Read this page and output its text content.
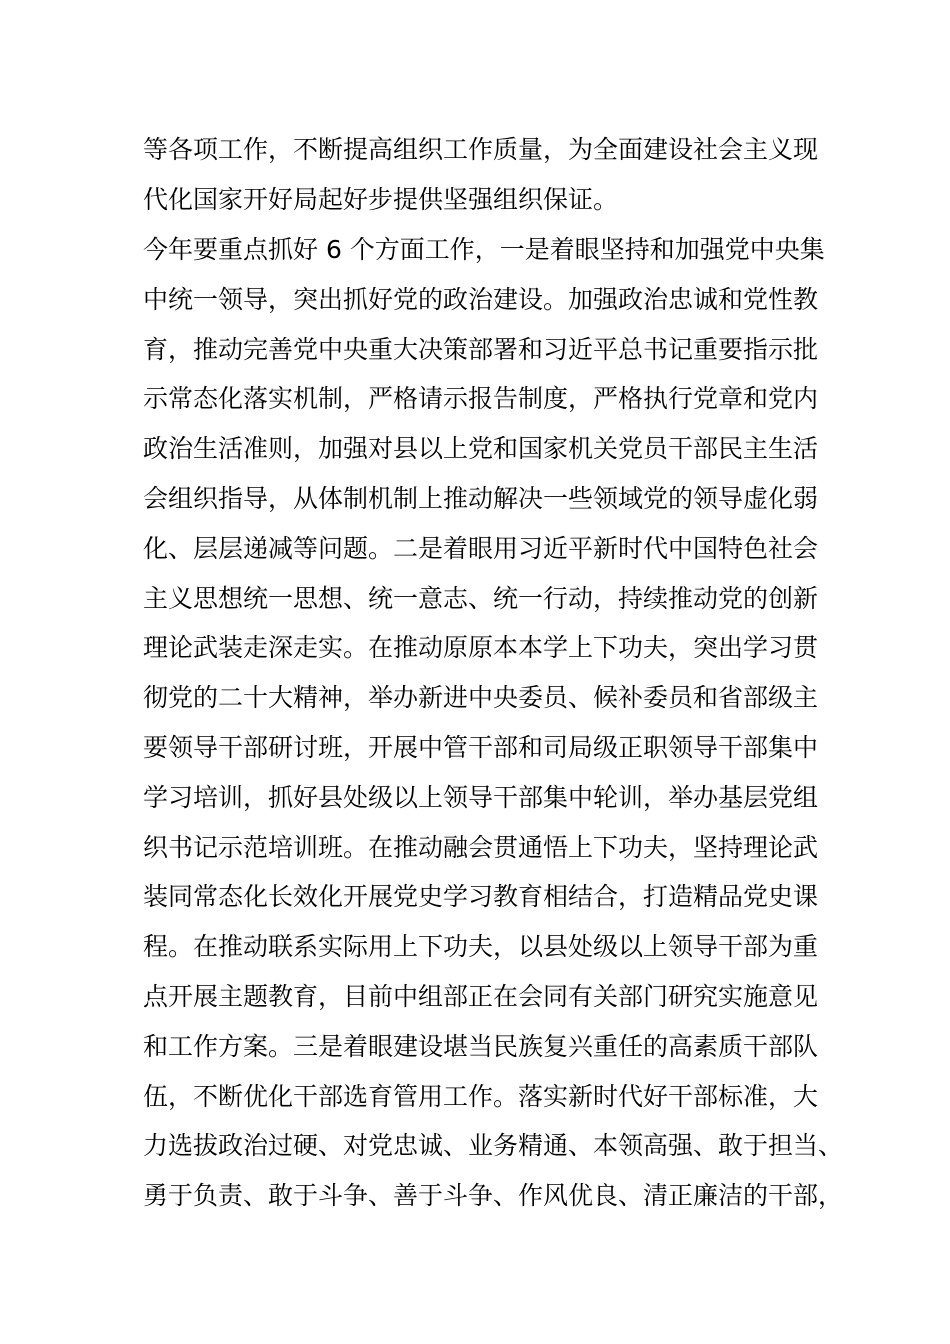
等各项工作，不断提高组织工作质量，为全面建设社会主义现
代化国家开好局起好步提供坚强组织保证。
今年要重点抓好 6 个方面工作，一是着眼坚持和加强党中央集
中统一领导，突出抓好党的政治建设。加强政治忠诚和党性教
育，推动完善党中央重大决策部署和习近平总书记重要指示批
示常态化落实机制，严格请示报告制度，严格执行党章和党内
政治生活准则，加强对县以上党和国家机关党员干部民主生活
会组织指导，从体制机制上推动解决一些领域党的领导虚化弱
化、层层递减等问题。二是着眼用习近平新时代中国特色社会
主义思想统一思想、统一意志、统一行动，持续推动党的创新
理论武装走深走实。在推动原原本本学上下功夫，突出学习贯
彻党的二十大精神，举办新进中央委员、候补委员和省部级主
要领导干部研讨班，开展中管干部和司局级正职领导干部集中
学习培训，抓好县处级以上领导干部集中轮训，举办基层党组
织书记示范培训班。在推动融会贯通悟上下功夫，坚持理论武
装同常态化长效化开展党史学习教育相结合，打造精品党史课
程。在推动联系实际用上下功夫，以县处级以上领导干部为重
点开展主题教育，目前中组部正在会同有关部门研究实施意见
和工作方案。三是着眼建设堪当民族复兴重任的高素质干部队
伍，不断优化干部选育管用工作。落实新时代好干部标准，大
力选拔政治过硬、对党忠诚、业务精通、本领高强、敢于担当、
勇于负责、敢于斗争、善于斗争、作风优良、清正廉洁的干部，
